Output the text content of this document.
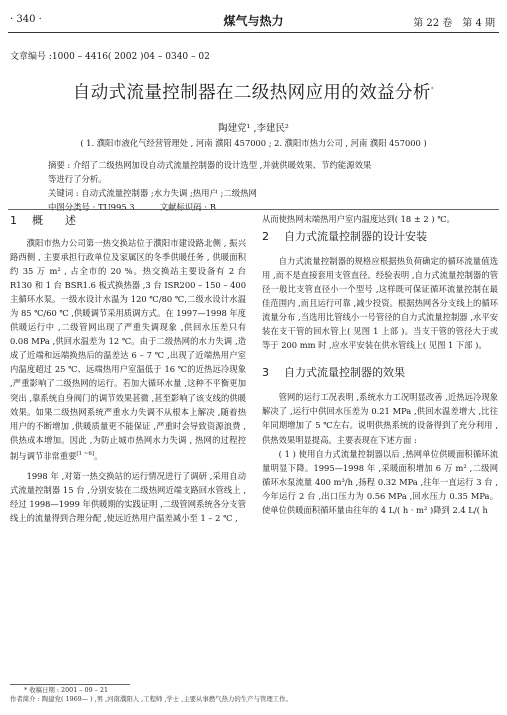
· 340 ·	煤气与热力	第 22 卷　第 4 期
文章编号 :1000 – 4416( 2002 )04 – 0340 – 02
自动式流量控制器在二级热网应用的效益分析*
陶建党¹ ,李建民²
( 1. 濮阳市液化气经营管理处 , 河南 濮阳 457000 ; 2. 濮阳市热力公司 , 河南 濮阳 457000 )
摘要 : 介绍了二级热网加设自动式流量控制器的设计选型 ,并就供暖效果、节约能源效果
等进行了分析。
关键词 : 自动式流量控制器 ;水力失调 ;热用户 ;二级热网
中图分类号 : TU995.3　　　文献标识码 : B
1 概　　述

濮阳市热力公司第一热交换站位于濮阳市建设路北侧 , 振兴路西侧 , 主要承担行政单位及家属区的冬季供暖任务 , 供暖面积约 35 万 m² , 占全市的 20 %。热交换站主要设备有 2 台 R130 和 1 台 BSR1.6 板式换热器 ,3 台 ISR200 – 150 – 400 主循环水泵。一级水设计水温为 120 ℃/80 ℃,二级水设计水温为 85 ℃/60 ℃ ,供暖调节采用质调方式。在 1997—1998 年度供暖运行中 ,二级管网出现了严重失调现象 ,供回水压差只有 0.08 MPa ,供回水温差为 12 ℃。由于二级热网的水力失调 ,造成了近端和远端换热后的温差达 6 – 7 ℃ ,出现了近端热用户室内温度超过 25 ℃、远端热用户室温低于 16 ℃的近热远冷现象 ,严重影响了二级热网的运行。若加大循环水量 ,这种不平衡更加突出 ,靠系统自身阀门的调节效果甚微 ,甚至影响了该支线的供暖效果。如果二级热网系统严重水力失调不从根本上解决 ,随着热用户的不断增加 ,供暖质量更不能保证 ,严重时会导致资源浪费 ,供热成本增加。因此 ,为防止城市热网水力失调 , 热网的过程控制与调节非常重要[1 ~6]。

1998 年 ,对第一热交换站的运行情况进行了调研 ,采用自动式流量控制器 15 台 ,分别安装在二级热网近端支路回水管线上 ,经过 1998—1999 年供暖期的实践证明 ,二级管网系统各分支管线上的流量得到合理分配 ,使远近热用户温差减小至 1 – 2 ℃ ,

从而使热网末端热用户室内温度达到( 18 ± 2 ) ℃。

2 自力式流量控制器的设计安装

自力式流量控制器的规格应根据热负荷确定的循环流量值选用 ,而不是直接套用支管直径。经验表明 ,自力式流量控制器的管径一般比支管直径小一个型号 ,这样既可保证循环流量控制在最佳范围内 ,而且运行可靠 ,减少投资。根据热网各分支线上的循环流量分布 ,当选用比管线小一号管径的自力式流量控制器 ,水平安装在支干管的回水管上( 见图 1 上部 )。当支干管的管径大于或等于 200 mm 时 ,应水平安装在供水管线上( 见图 1 下部 )。

3 自力式流量控制器的效果

管网的运行工况表明 ,系统水力工况明显改善 ,近热远冷现象解决了 ,运行中供回水压差为 0.21 MPa ,供回水温差增大 ,比往年同期增加了 5 ℃左右。说明供热系统的设备得到了充分利用 ,供热效果明显提高。主要表现在下述方面 :

( 1 ) 使用自力式流量控制器以后 ,热网单位供暖面积循环流量明显下降。1995—1998 年 ,采暖面积增加 6 万 m² ,二级网循环水泵流量 400 m³/h ,扬程 0.32 MPa ,往年一直运行 3 台 ,今年运行 2 台 ,出口压力为 0.56 MPa ,回水压力 0.35 MPa。使单位供暖面积循环量由往年的 4 L/( h · m² )降到 2.4 L/( h

* 收稿日期 : 2001 – 09 – 21
作者简介 : 陶建党( 1969— ) ,男 ,河南濮阳人 ,工程师 ,学士 ,主要从事燃气热力的生产与管理工作。
